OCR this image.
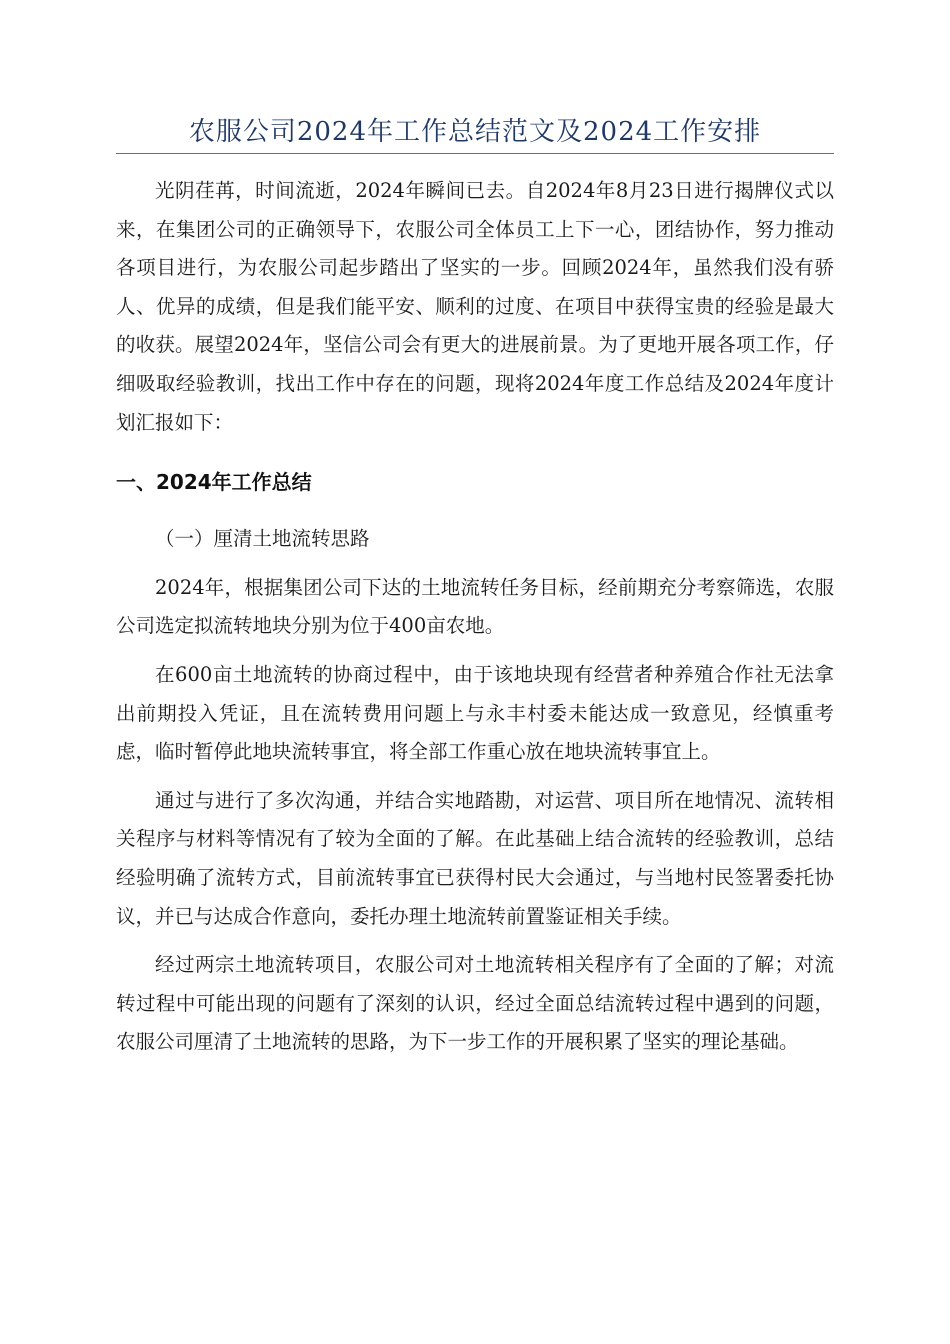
农服公司2024年工作总结范文及2024工作安排

光阴荏苒，时间流逝，2024年瞬间已去。自2024年8月23日进行揭牌仪式以来，在集团公司的正确领导下，农服公司全体员工上下一心，团结协作，努力推动各项目进行，为农服公司起步踏出了坚实的一步。回顾2024年，虽然我们没有骄人、优异的成绩，但是我们能平安、顺利的过度、在项目中获得宝贵的经验是最大的收获。展望2024年，坚信公司会有更大的进展前景。为了更地开展各项工作，仔细吸取经验教训，找出工作中存在的问题，现将2024年度工作总结及2024年度计划汇报如下：

一、2024年工作总结

（一）厘清土地流转思路

2024年，根据集团公司下达的土地流转任务目标，经前期充分考察筛选，农服公司选定拟流转地块分别为位于400亩农地。

在600亩土地流转的协商过程中，由于该地块现有经营者种养殖合作社无法拿出前期投入凭证，且在流转费用问题上与永丰村委未能达成一致意见，经慎重考虑，临时暂停此地块流转事宜，将全部工作重心放在地块流转事宜上。

通过与进行了多次沟通，并结合实地踏勘，对运营、项目所在地情况、流转相关程序与材料等情况有了较为全面的了解。在此基础上结合流转的经验教训，总结经验明确了流转方式，目前流转事宜已获得村民大会通过，与当地村民签署委托协议，并已与达成合作意向，委托办理土地流转前置鉴证相关手续。

经过两宗土地流转项目，农服公司对土地流转相关程序有了全面的了解；对流转过程中可能出现的问题有了深刻的认识，经过全面总结流转过程中遇到的问题，农服公司厘清了土地流转的思路，为下一步工作的开展积累了坚实的理论基础。
